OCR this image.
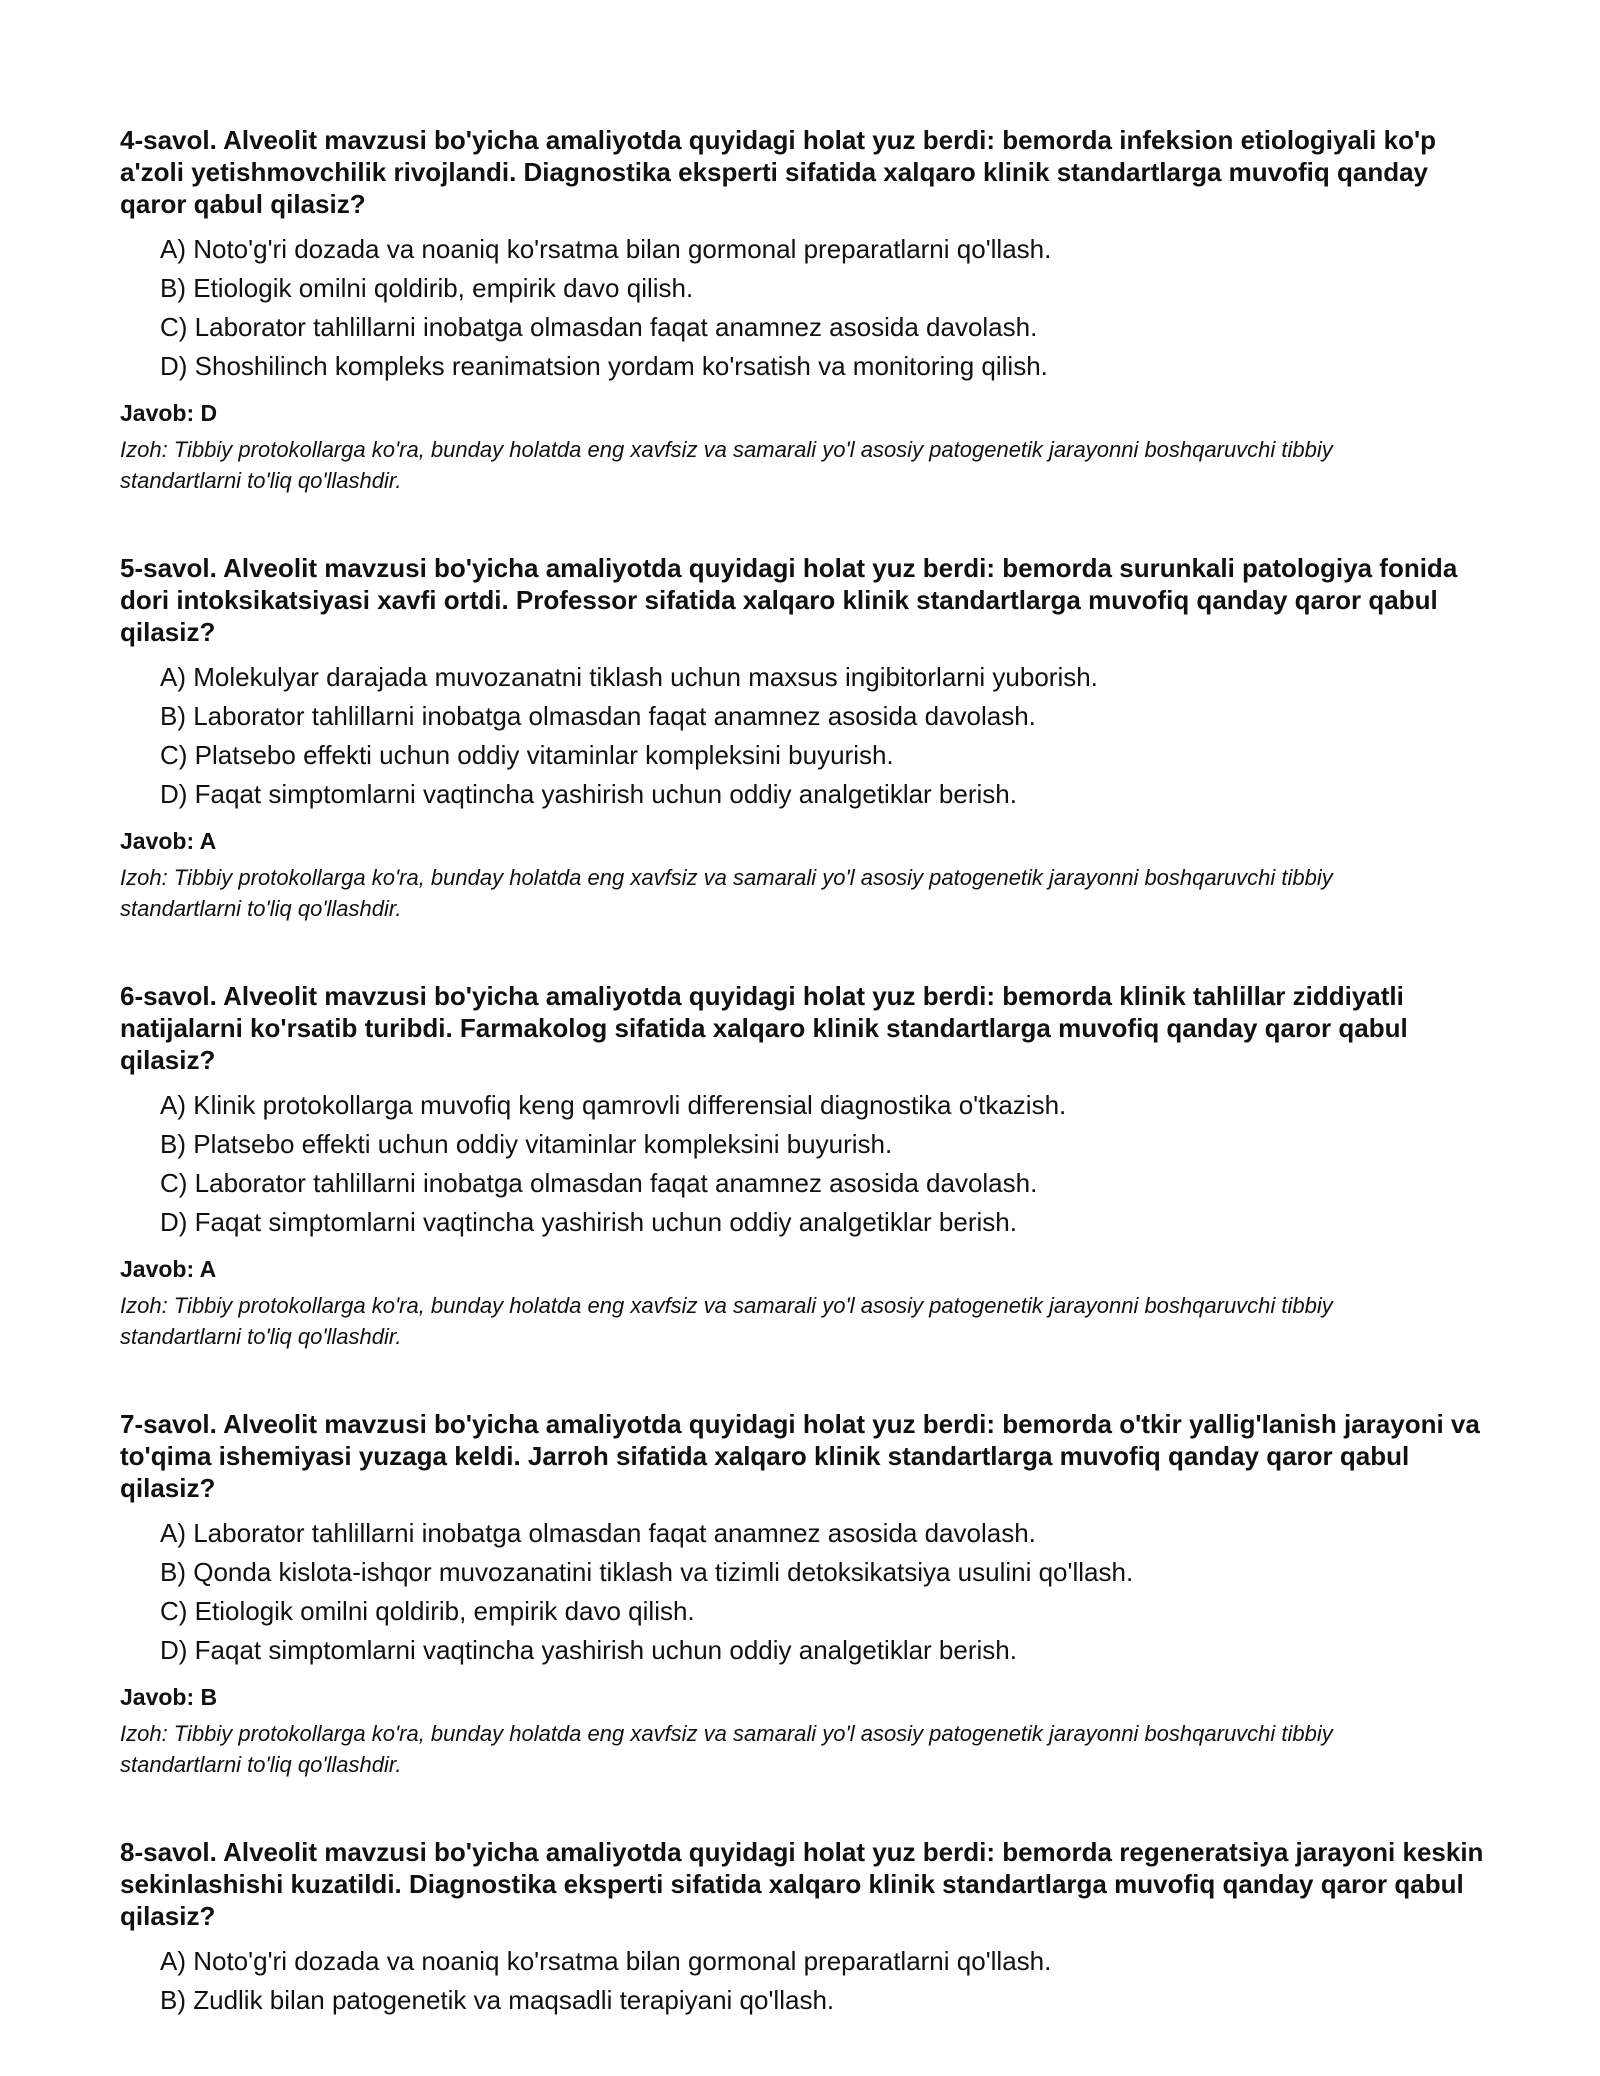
4-savol. Alveolit mavzusi bo'yicha amaliyotda quyidagi holat yuz berdi: bemorda infeksion etiologiyali ko'p a'zoli yetishmovchilik rivojlandi. Diagnostika eksperti sifatida xalqaro klinik standartlarga muvofiq qanday qaror qabul qilasiz?
A) Noto'g'ri dozada va noaniq ko'rsatma bilan gormonal preparatlarni qo'llash.
B) Etiologik omilni qoldirib, empirik davo qilish.
C) Laborator tahlillarni inobatga olmasdan faqat anamnez asosida davolash.
D) Shoshilinch kompleks reanimatsion yordam ko'rsatish va monitoring qilish.
Javob: D
Izoh: Tibbiy protokollarga ko'ra, bunday holatda eng xavfsiz va samarali yo'l asosiy patogenetik jarayonni boshqaruvchi tibbiy standartlarni to'liq qo'llashdir.
5-savol. Alveolit mavzusi bo'yicha amaliyotda quyidagi holat yuz berdi: bemorda surunkali patologiya fonida dori intoksikatsiyasi xavfi ortdi. Professor sifatida xalqaro klinik standartlarga muvofiq qanday qaror qabul qilasiz?
A) Molekulyar darajada muvozanatni tiklash uchun maxsus ingibitorlarni yuborish.
B) Laborator tahlillarni inobatga olmasdan faqat anamnez asosida davolash.
C) Platsebo effekti uchun oddiy vitaminlar kompleksini buyurish.
D) Faqat simptomlarni vaqtincha yashirish uchun oddiy analgetiklar berish.
Javob: A
Izoh: Tibbiy protokollarga ko'ra, bunday holatda eng xavfsiz va samarali yo'l asosiy patogenetik jarayonni boshqaruvchi tibbiy standartlarni to'liq qo'llashdir.
6-savol. Alveolit mavzusi bo'yicha amaliyotda quyidagi holat yuz berdi: bemorda klinik tahlillar ziddiyatli natijalarni ko'rsatib turibdi. Farmakolog sifatida xalqaro klinik standartlarga muvofiq qanday qaror qabul qilasiz?
A) Klinik protokollarga muvofiq keng qamrovli differensial diagnostika o'tkazish.
B) Platsebo effekti uchun oddiy vitaminlar kompleksini buyurish.
C) Laborator tahlillarni inobatga olmasdan faqat anamnez asosida davolash.
D) Faqat simptomlarni vaqtincha yashirish uchun oddiy analgetiklar berish.
Javob: A
Izoh: Tibbiy protokollarga ko'ra, bunday holatda eng xavfsiz va samarali yo'l asosiy patogenetik jarayonni boshqaruvchi tibbiy standartlarni to'liq qo'llashdir.
7-savol. Alveolit mavzusi bo'yicha amaliyotda quyidagi holat yuz berdi: bemorda o'tkir yallig'lanish jarayoni va to'qima ishemiyasi yuzaga keldi. Jarroh sifatida xalqaro klinik standartlarga muvofiq qanday qaror qabul qilasiz?
A) Laborator tahlillarni inobatga olmasdan faqat anamnez asosida davolash.
B) Qonda kislota-ishqor muvozanatini tiklash va tizimli detoksikatsiya usulini qo'llash.
C) Etiologik omilni qoldirib, empirik davo qilish.
D) Faqat simptomlarni vaqtincha yashirish uchun oddiy analgetiklar berish.
Javob: B
Izoh: Tibbiy protokollarga ko'ra, bunday holatda eng xavfsiz va samarali yo'l asosiy patogenetik jarayonni boshqaruvchi tibbiy standartlarni to'liq qo'llashdir.
8-savol. Alveolit mavzusi bo'yicha amaliyotda quyidagi holat yuz berdi: bemorda regeneratsiya jarayoni keskin sekinlashishi kuzatildi. Diagnostika eksperti sifatida xalqaro klinik standartlarga muvofiq qanday qaror qabul qilasiz?
A) Noto'g'ri dozada va noaniq ko'rsatma bilan gormonal preparatlarni qo'llash.
B) Zudlik bilan patogenetik va maqsadli terapiyani qo'llash.
